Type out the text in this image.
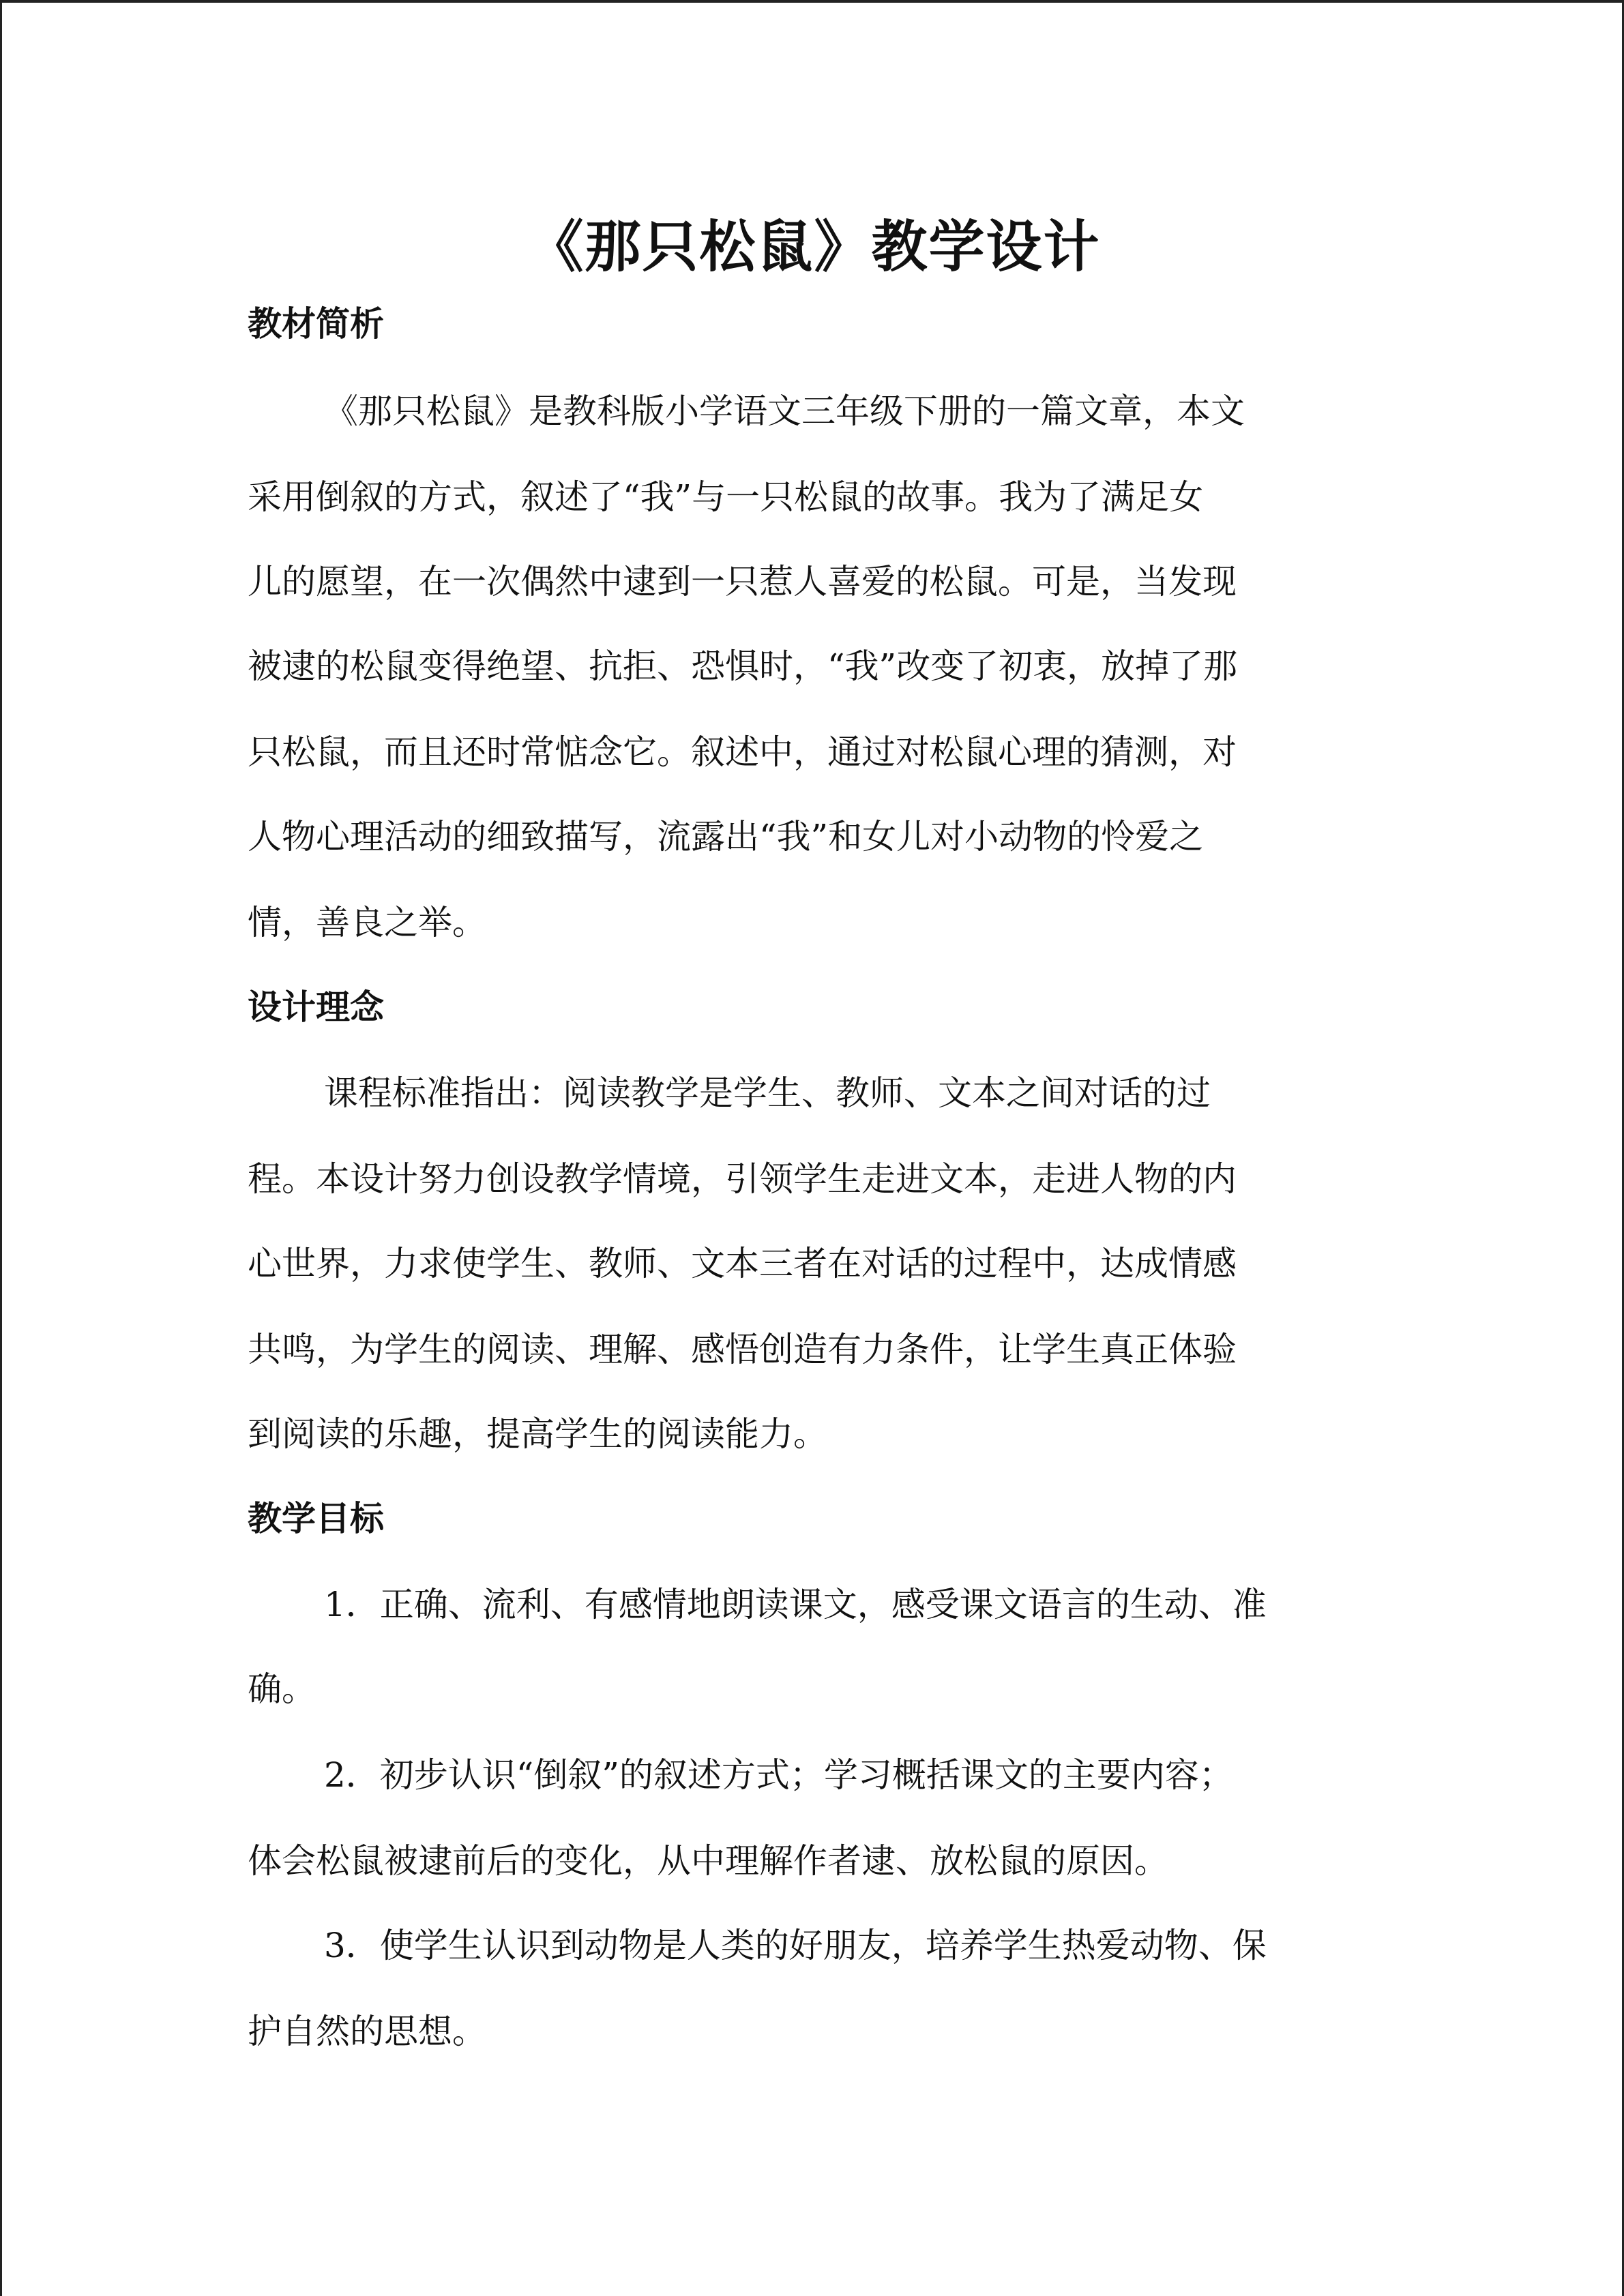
《那只松鼠》教学设计
教材简析

《那只松鼠》是教科版小学语文三年级下册的一篇文章，本文

采用倒叙的方式，叙述了“我”与一只松鼠的故事。我为了满足女

儿的愿望，在一次偶然中逮到一只惹人喜爱的松鼠。可是，当发现

被逮的松鼠变得绝望、抗拒、恐惧时，“我”改变了初衷，放掉了那

只松鼠，而且还时常惦念它。叙述中，通过对松鼠心理的猜测，对

人物心理活动的细致描写，流露出“我”和女儿对小动物的怜爱之

情，善良之举。

设计理念

课程标准指出：阅读教学是学生、教师、文本之间对话的过

程。本设计努力创设教学情境，引领学生走进文本，走进人物的内

心世界，力求使学生、教师、文本三者在对话的过程中，达成情感

共鸣，为学生的阅读、理解、感悟创造有力条件，让学生真正体验

到阅读的乐趣，提高学生的阅读能力。

教学目标

1．正确、流利、有感情地朗读课文，感受课文语言的生动、准

确。

2．初步认识“倒叙”的叙述方式；学习概括课文的主要内容；

体会松鼠被逮前后的变化，从中理解作者逮、放松鼠的原因。

3．使学生认识到动物是人类的好朋友，培养学生热爱动物、保

护自然的思想。
